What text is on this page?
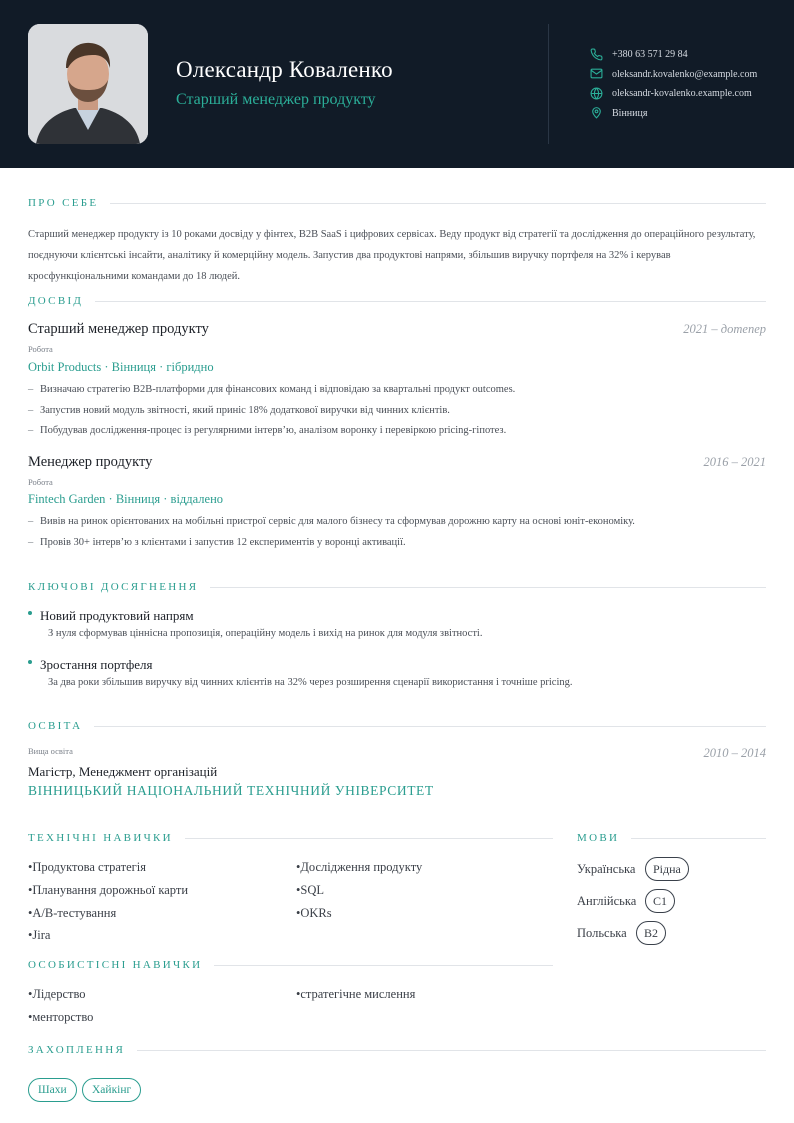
Олександр Коваленко
Старший менеджер продукту
+380 63 571 29 84
oleksandr.kovalenko@example.com
oleksandr-kovalenko.example.com
Вінниця
ПРО СЕБЕ
Старший менеджер продукту із 10 роками досвіду у фінтех, B2B SaaS і цифрових сервісах. Веду продукт від стратегії та дослідження до операційного результату, поєднуючи клієнтські інсайти, аналітику й комерційну модель. Запустив два продуктові напрями, збільшив виручку портфеля на 32% і керував кросфункціональними командами до 18 людей.
ДОСВІД
Старший менеджер продукту	2021 – дотепер
Робота
Orbit Products · Вінниця · гібридно
– Визначаю стратегію B2B-платформи для фінансових команд і відповідаю за квартальні продукт outcomes.
– Запустив новий модуль звітності, який приніс 18% додаткової виручки від чинних клієнтів.
– Побудував дослідження-процес із регулярними інтерв’ю, аналізом воронку і перевіркою pricing-гіпотез.
Менеджер продукту	2016 – 2021
Робота
Fintech Garden · Вінниця · віддалено
– Вивів на ринок орієнтованих на мобільні пристрої сервіс для малого бізнесу та сформував дорожню карту на основі юніт-економіку.
– Провів 30+ інтерв’ю з клієнтами і запустив 12 експериментів у воронці активації.
КЛЮЧОВІ ДОСЯГНЕННЯ
Новий продуктовий напрям
З нуля сформував ціннісна пропозиція, операційну модель і вихід на ринок для модуля звітності.
Зростання портфеля
За два роки збільшив виручку від чинних клієнтів на 32% через розширення сценарії використання і точніше pricing.
ОСВІТА
Вища освіта	2010 – 2014
Магістр, Менеджмент організацій
ВІННИЦЬКИЙ НАЦІОНАЛЬНИЙ ТЕХНІЧНИЙ УНІВЕРСИТЕТ
ТЕХНІЧНІ НАВИЧКИ
•Продуктова стратегія	•Дослідження продукту
•Планування дорожньої карти	•SQL
•A/B-тестування	•OKRs
•Jira
МОВИ
Українська	Рідна
Англійська	C1
Польська	B2
ОСОБИСТІСНІ НАВИЧКИ
•Лідерство	•стратегічне мислення
•менторство
ЗАХОПЛЕННЯ
Шахи	Хайкінг
